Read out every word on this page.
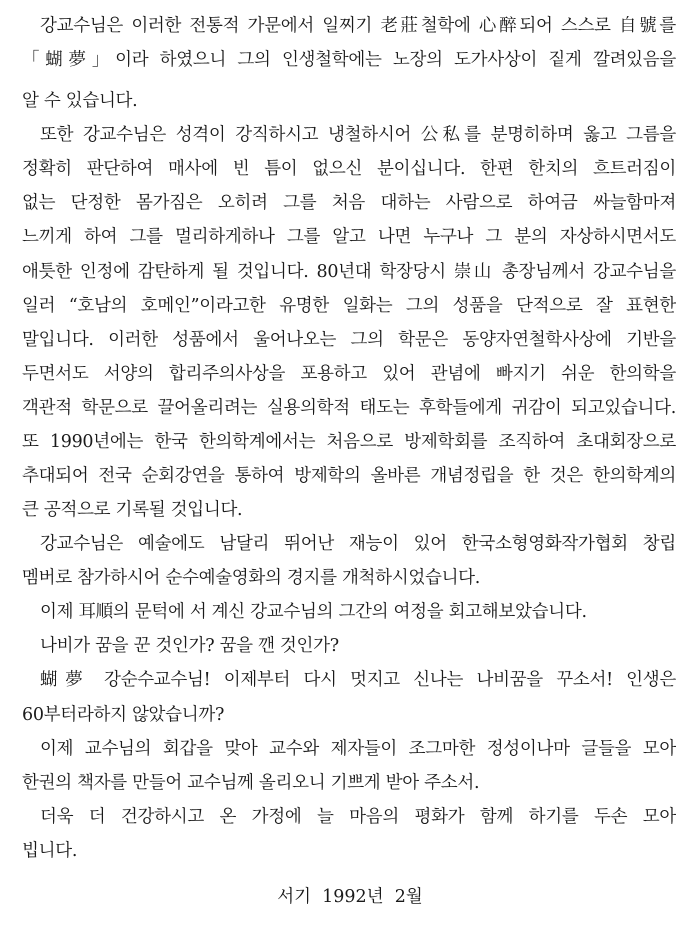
강교수님은 이러한 전통적 가문에서 일찌기 老莊철학에 心醉되어 스스로 自號를
「蝴夢」이라 하였으니 그의 인생철학에는 노장의 도가사상이 짙게 깔려있음을
알 수 있습니다.
또한 강교수님은 성격이 강직하시고 냉철하시어 公私를 분명히하며 옳고 그름을
정확히 판단하여 매사에 빈 틈이 없으신 분이십니다. 한편 한치의 흐트러짐이
없는 단정한 몸가짐은 오히려 그를 처음 대하는 사람으로 하여금 싸늘함마져
느끼게 하여 그를 멀리하게하나 그를 알고 나면 누구나 그 분의 자상하시면서도
애틋한 인정에 감탄하게 될 것입니다. 80년대 학장당시 崇山 총장님께서 강교수님을
일러 “호남의 호메인”이라고한 유명한 일화는 그의 성품을 단적으로 잘 표현한
말입니다. 이러한 성품에서 울어나오는 그의 학문은 동양자연철학사상에 기반을
두면서도 서양의 합리주의사상을 포용하고 있어 관념에 빠지기 쉬운 한의학을
객관적 학문으로 끌어올리려는 실용의학적 태도는 후학들에게 귀감이 되고있습니다.
또 1990년에는 한국 한의학계에서는 처음으로 방제학회를 조직하여 초대회장으로
추대되어 전국 순회강연을 통하여 방제학의 올바른 개념정립을 한 것은 한의학계의
큰 공적으로 기록될 것입니다.
강교수님은 예술에도 남달리 뛰어난 재능이 있어 한국소형영화작가협회 창립
멤버로 참가하시어 순수예술영화의 경지를 개척하시었습니다.
이제 耳順의 문턱에 서 계신 강교수님의 그간의 여정을 회고해보았습니다.
나비가 꿈을 꾼 것인가? 꿈을 깬 것인가?
蝴夢 강순수교수님! 이제부터 다시 멋지고 신나는 나비꿈을 꾸소서! 인생은
60부터라하지 않았습니까?
이제 교수님의 회갑을 맞아 교수와 제자들이 조그마한 정성이나마 글들을 모아
한권의 책자를 만들어 교수님께 올리오니 기쁘게 받아 주소서.
더욱 더 건강하시고 온 가정에 늘 마음의 평화가 함께 하기를 두손 모아
빕니다.
서기  1992년  2월
